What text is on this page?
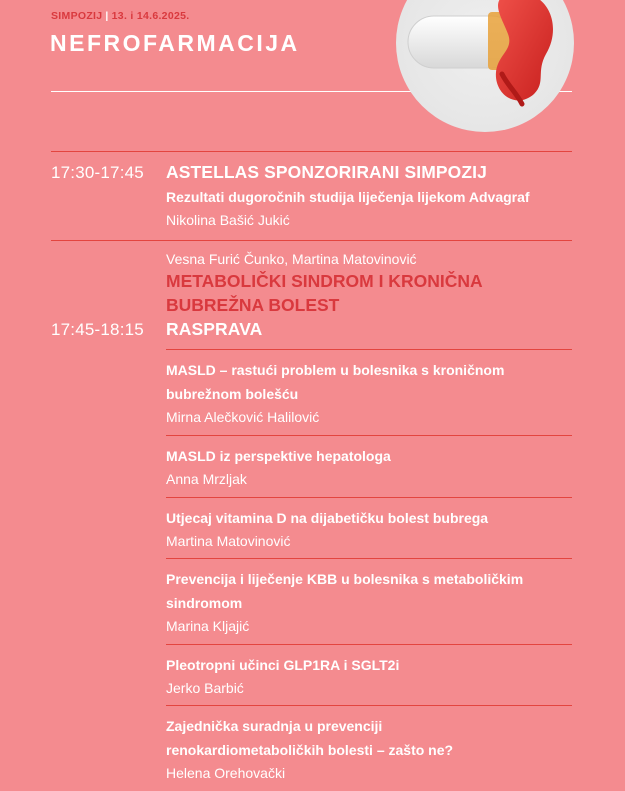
SIMPOZIJ | 13. i 14.6.2025.
NEFROFARMACIJA
17:30-17:45 ASTELLAS SPONZORIRANI SIMPOZIJ
Rezultati dugoročnih studija liječenja lijekom Advagraf
Nikolina Bašić Jukić
Vesna Furić Čunko, Martina Matovinović
METABOLIČKI SINDROM I KRONIČNA
BUBREŽNA BOLEST
17:45-18:15 RASPRAVA
MASLD – rastući problem u bolesnika s kroničnom
bubrežnom bolešću
Mirna Alečković Halilović
MASLD iz perspektive hepatologa
Anna Mrzljak
Utjecaj vitamina D na dijabetičku bolest bubrega
Martina Matovinović
Prevencija i liječenje KBB u bolesnika s metaboličkim
sindromom
Marina Kljajić
Pleotropni učinci GLP1RA i SGLT2i
Jerko Barbić
Zajednička suradnja u prevenciji
renokardiometaboličkih bolesti – zašto ne?
Helena Orehovački
